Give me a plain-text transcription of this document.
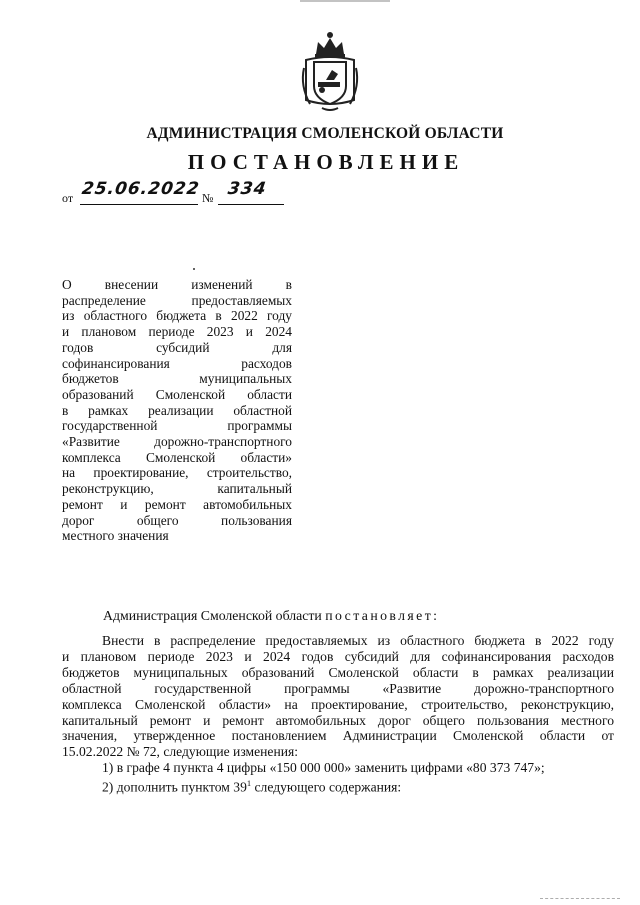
АДМИНИСТРАЦИЯ СМОЛЕНСКОЙ ОБЛАСТИ
ПОСТАНОВЛЕНИЕ
от 25.06.2022 № 334
О внесении изменений в
распределение предоставляемых
из областного бюджета в 2022 году
и плановом периоде 2023 и 2024
годов субсидий для
софинансирования расходов
бюджетов муниципальных
образований Смоленской области
в рамках реализации областной
государственной программы
«Развитие дорожно-транспортного
комплекса Смоленской области»
на проектирование, строительство,
реконструкцию, капитальный
ремонт и ремонт автомобильных
дорог общего пользования
местного значения
Администрация Смоленской области постановляет:
Внести в распределение предоставляемых из областного бюджета в 2022 году
и плановом периоде 2023 и 2024 годов субсидий для софинансирования расходов
бюджетов муниципальных образований Смоленской области в рамках реализации
областной государственной программы «Развитие дорожно-транспортного
комплекса Смоленской области» на проектирование, строительство, реконструкцию,
капитальный ремонт и ремонт автомобильных дорог общего пользования местного
значения, утвержденное постановлением Администрации Смоленской области от
15.02.2022 № 72, следующие изменения:
1) в графе 4 пункта 4 цифры «150 000 000» заменить цифрами «80 373 747»;
2) дополнить пунктом $39^1$ следующего содержания:
